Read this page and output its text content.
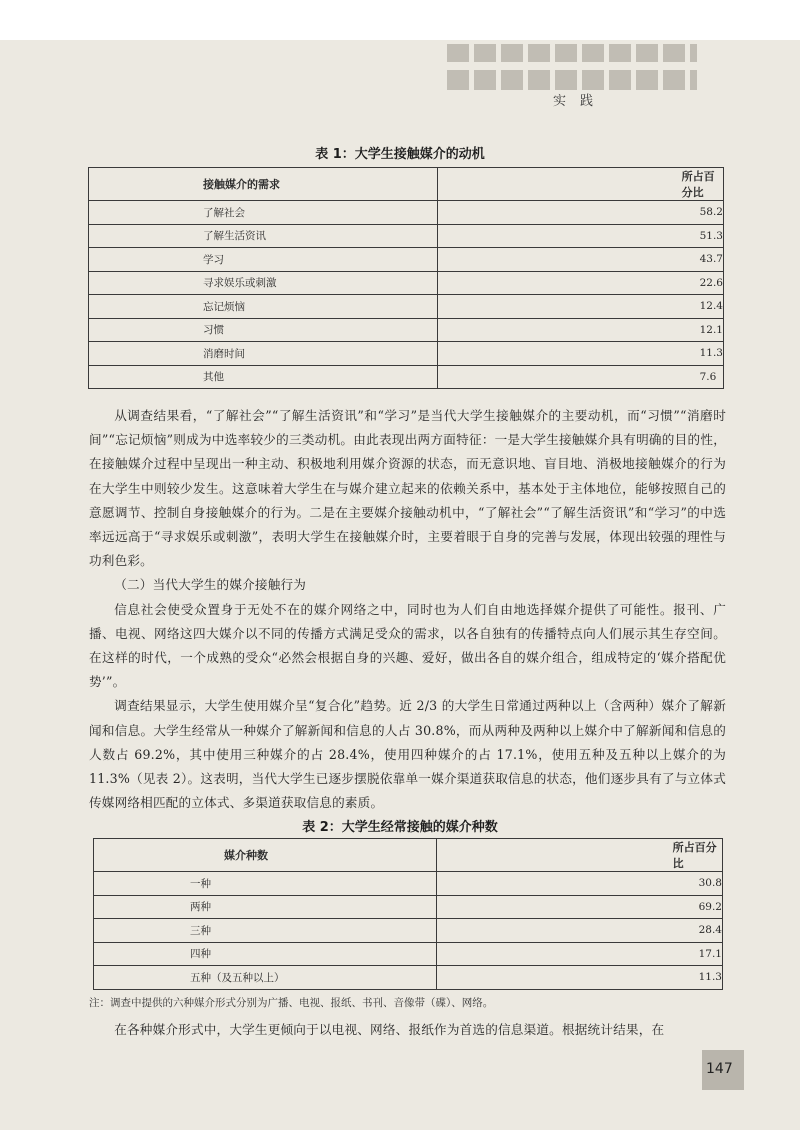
实践
表 1：大学生接触媒介的动机
接触媒介的需求	所占百分比
了解社会	58.2
了解生活资讯	51.3
学习	43.7
寻求娱乐或刺激	22.6
忘记烦恼	12.4
习惯	12.1
消磨时间	11.3
其他	7.6

从调查结果看，“了解社会”“了解生活资讯”和“学习”是当代大学生接触媒介的主要动机，而“习惯”“消磨时间”“忘记烦恼”则成为中选率较少的三类动机。由此表现出两方面特征：一是大学生接触媒介具有明确的目的性，在接触媒介过程中呈现出一种主动、积极地利用媒介资源的状态，而无意识地、盲目地、消极地接触媒介的行为在大学生中则较少发生。这意味着大学生在与媒介建立起来的依赖关系中，基本处于主体地位，能够按照自己的意愿调节、控制自身接触媒介的行为。二是在主要媒介接触动机中，“了解社会”“了解生活资讯”和“学习”的中选率远远高于“寻求娱乐或刺激”，表明大学生在接触媒介时，主要着眼于自身的完善与发展，体现出较强的理性与功利色彩。

（二）当代大学生的媒介接触行为

信息社会使受众置身于无处不在的媒介网络之中，同时也为人们自由地选择媒介提供了可能性。报刊、广播、电视、网络这四大媒介以不同的传播方式满足受众的需求，以各自独有的传播特点向人们展示其生存空间。在这样的时代，一个成熟的受众“必然会根据自身的兴趣、爱好，做出各自的媒介组合，组成特定的‘媒介搭配优势’”。

调查结果显示，大学生使用媒介呈“复合化”趋势。近 2/3 的大学生日常通过两种以上（含两种）媒介了解新闻和信息。大学生经常从一种媒介了解新闻和信息的人占 30.8%，而从两种及两种以上媒介中了解新闻和信息的人数占 69.2%，其中使用三种媒介的占 28.4%，使用四种媒介的占 17.1%，使用五种及五种以上媒介的为 11.3%（见表 2）。这表明，当代大学生已逐步摆脱依靠单一媒介渠道获取信息的状态，他们逐步具有了与立体式传媒网络相匹配的立体式、多渠道获取信息的素质。

表 2：大学生经常接触的媒介种数
媒介种数	所占百分比
一种	30.8
两种	69.2
三种	28.4
四种	17.1
五种（及五种以上）	11.3
注：调查中提供的六种媒介形式分别为广播、电视、报纸、书刊、音像带（碟）、网络。

在各种媒介形式中，大学生更倾向于以电视、网络、报纸作为首选的信息渠道。根据统计结果，在

147
